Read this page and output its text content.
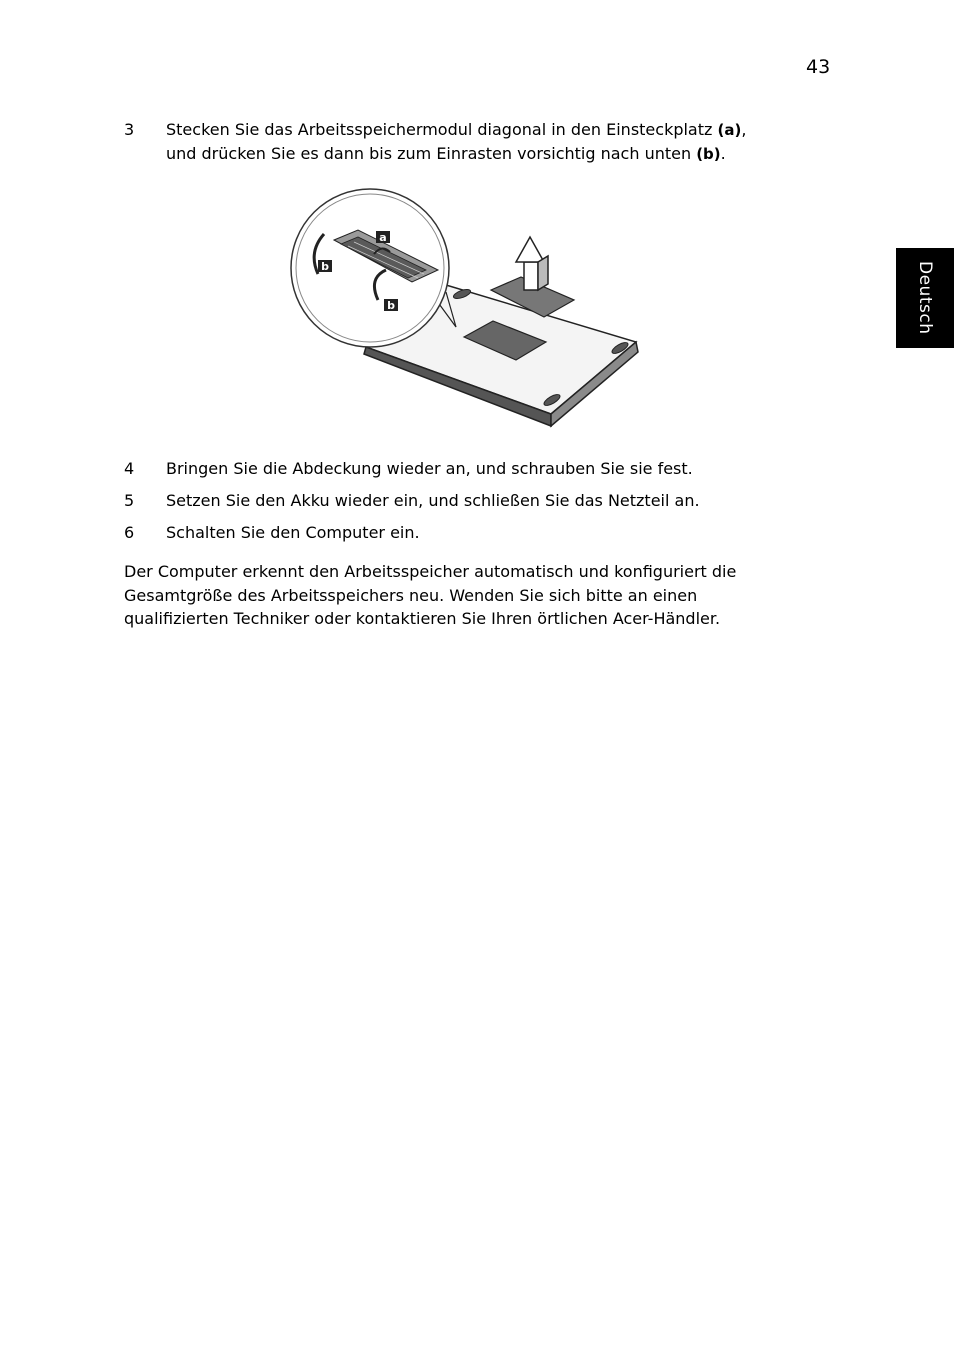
43
Deutsch
3 Stecken Sie das Arbeitsspeichermodul diagonal in den Einsteckplatz (a),
und drücken Sie es dann bis zum Einrasten vorsichtig nach unten (b).
a
b
b
4 Bringen Sie die Abdeckung wieder an, und schrauben Sie sie fest.
5 Setzen Sie den Akku wieder ein, und schließen Sie das Netzteil an.
6 Schalten Sie den Computer ein.
Der Computer erkennt den Arbeitsspeicher automatisch und konfiguriert die
Gesamtgröße des Arbeitsspeichers neu. Wenden Sie sich bitte an einen
qualifizierten Techniker oder kontaktieren Sie Ihren örtlichen Acer-Händler.
